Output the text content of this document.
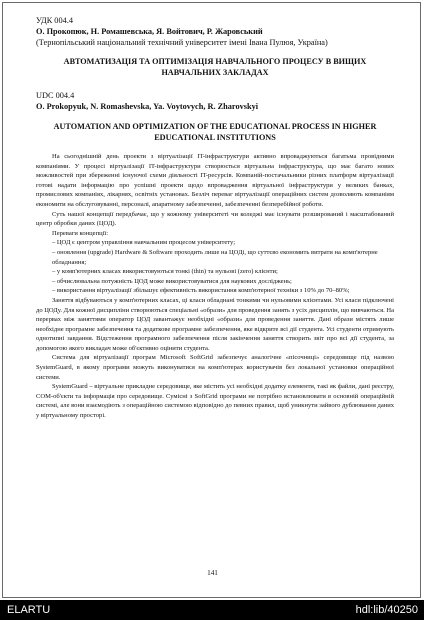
УДК 004.4
О. Прокопюк, Н. Ромашевська, Я. Войтович, Р. Жаровський
(Тернопільський національний технічний університет імені Івана Пулюя, Україна)
АВТОМАТИЗАЦІЯ ТА ОПТИМІЗАЦІЯ НАВЧАЛЬНОГО ПРОЦЕСУ В ВИЩИХ НАВЧАЛЬНИХ ЗАКЛАДАХ
UDC 004.4
O. Prokopyuk, N. Romashevska, Ya. Voytovych, R. Zharovskyi
AUTOMATION AND OPTIMIZATION OF THE EDUCATIONAL PROCESS IN HIGHER EDUCATIONAL INSTITUTIONS

На сьогоднішній день проекти з віртуалізації IT-інфраструктури активно впроваджуються багатьма провідними компаніями. У процесі віртуалізації IT-інфраструктури створюється віртуальна інфраструктура, що має багато нових можливостей при збереженні існуючої схеми діяльності IT-ресурсів. Компаній-постачальники різних платформ віртуалізації готові надати інформацію про успішні проекти щодо впровадження віртуальної інфраструктури у великих банках, промислових компаніях, лікарнях, освітніх установах. Безліч переваг віртуалізації операційних систем дозволяють компаніям економити на обслуговуванні, персоналі, апаратному забезпеченні, забезпеченні безперебійної роботи.

Суть нашої концепції передбачає, що у кожному університеті чи коледжі має існувати розширований і масштабований центр обробки даних (ЦОД).

Переваги концепції:

– ЦОД є центром управління навчальним процесом університету;

– оновлення (upgrade) Hardware & Software проходить лише на ЦОДі, що суттєво економить витрати на комп'ютерне обладнання;

– у комп'ютерних класах використовуються тонкі (thin) та нульові (zero) клієнти;

– обчислювальна потужність ЦОД може використовуватися для наукових досліджень;

– використання віртуалізації збільшує ефективність використання комп'ютерної техніки з 10% до 70–80%;

Заняття відбуваються у комп'ютерних класах, ці класи обладнані тонкими чи нульовими клієнтами. Усі класи підключені до ЦОДу. Для кожної дисципліни створюються спеціальні «образи» для проведення занять з усіх дисциплін, що вивчаються. На перервах між заняттями оператор ЦОД завантажує необхідні «образи» для проведення заняття. Дані образи містять лише необхідне програмне забезпечення та додаткове програмне забезпечення, яке відкрите всі дії студента. Усі студенти отримують однотипні завдання. Відстеження програмного забезпечення після закінчення заняття створить звіт про всі дії студента, за допомогою якого викладач може об'єктивно оцінити студента.

Система для віртуалізації програм Microsoft SoftGrid забезпечує аналогічне «пісочниці» середовище під назвою SystemGuard, в якому програми можуть виконуватися на комп'ютерах користувачів без локальної установки операційної системи.

SystemGuard – віртуальне прикладне середовище, яке містить усі необхідні додатку елементи, такі як файли, дані реєстру, COM-об'єкти та інформація про середовище. Сумісні з SoftGrid програми не потрібно встановлювати в основній операційній системі, але вони взаємодіють з операційною системою відповідно до певних правил, щоб уникнути зайвого дублювання даних у віртуальному просторі.

141
ELARTU	hdl:lib/40250
